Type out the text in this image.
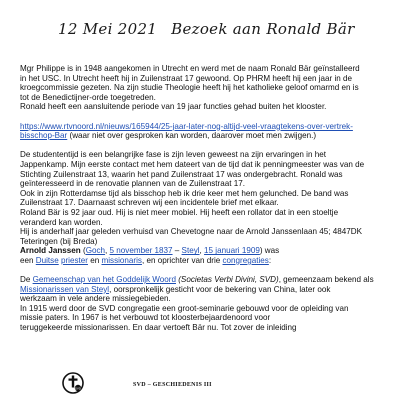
12 Mei 2021 Bezoek aan Ronald Bär

Mgr Philippe is in 1948 aangekomen in Utrecht en werd met de naam Ronald Bär geïnstalleerd

in het USC. In Utrecht heeft hij in Zuilenstraat 17 gewoond. Op PHRM heeft hij een jaar in de

kroegcommissie gezeten. Na zijn studie Theologie heeft hij het katholieke geloof omarmd en is

tot de Benedictijner-orde toegetreden.

Ronald heeft een aansluitende periode van 19 jaar functies gehad buiten het klooster.

https://www.rtvnoord.nl/nieuws/165944/25-jaar-later-nog-altijd-veel-vraagtekens-over-vertrek-
bisschop-Bar (waar niet over gesproken kan worden, daarover moet men zwijgen.)

De studententijd is een belangrijke fase is zijn leven geweest na zijn ervaringen in het

Jappenkamp. Mijn eerste contact met hem dateert van de tijd dat ik penningmeester was van de

Stichting Zuilenstraat 13, waarin het pand Zuilenstraat 17 was ondergebracht. Ronald was

geïnteresseerd in de renovatie plannen van de Zuilenstraat 17.

Ook in zijn Rotterdamse tijd als bisschop heb ik drie keer met hem gelunched. De band was

Zuilenstraat 17. Daarnaast schreven wij een incidentele brief met elkaar.

Roland Bär is 92 jaar oud. Hij is niet meer mobiel. Hij heeft een rollator dat in een stoeltje

veranderd kan worden.

Hij is anderhalf jaar geleden verhuisd van Chevetogne naar de Arnold Janssenlaan 45; 4847DK

Teteringen (bij Breda)

Arnold Janssen (Goch, 5 november 1837 – Steyl, 15 januari 1909) was

een Duitse priester en missionaris, en oprichter van drie congregaties:

De Gemeenschap van het Goddelijk Woord (Societas Verbi Divini, SVD), gemeenzaam bekend als

Missionarissen van Steyl, oorspronkelijk gesticht voor de bekering van China, later ook

werkzaam in vele andere missiegebieden.

In 1915 werd door de SVD congregatie een groot-seminarie gebouwd voor de opleiding van

missie paters. In 1967 is het verbouwd tot kloosterbejaardenoord voor

teruggekeerde missionarissen. En daar vertoeft Bär nu. Tot zover de inleiding

SVD
SVD – GESCHIEDENIS III
